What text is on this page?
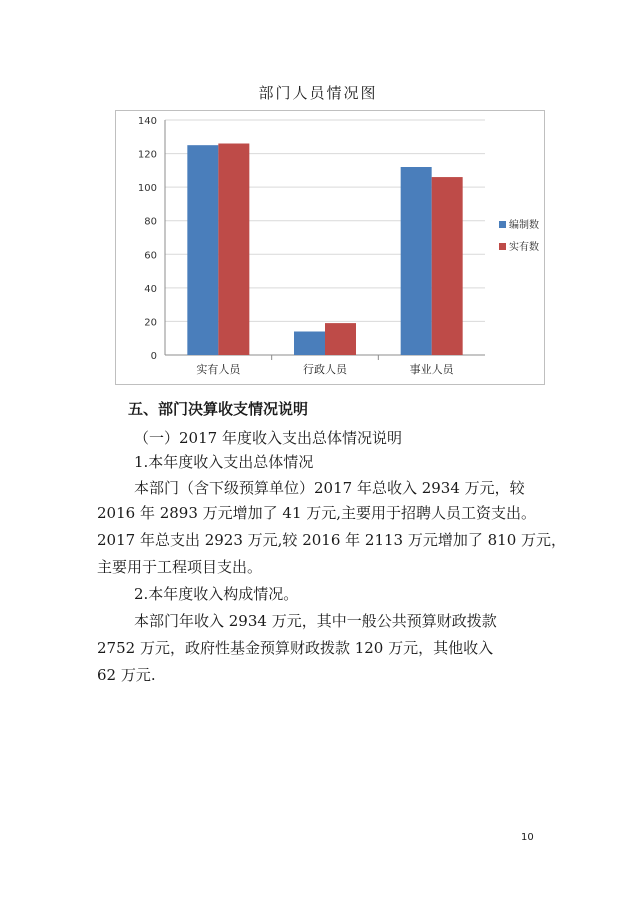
部门人员情况图
0
20
40
60
80
100
120
140
实有人员	行政人员	事业人员
编制数
实有数
五、部门决算收支情况说明
（一）2017 年度收入支出总体情况说明
1.本年度收入支出总体情况
本部门（含下级预算单位）2017 年总收入 2934 万元，较
2016 年 2893 万元增加了 41 万元,主要用于招聘人员工资支出。
2017 年总支出 2923 万元,较 2016 年 2113 万元增加了 810 万元，
主要用于工程项目支出。
2.本年度收入构成情况。
本部门年收入 2934 万元，其中一般公共预算财政拨款
2752 万元，政府性基金预算财政拨款 120 万元，其他收入
62 万元.
10
